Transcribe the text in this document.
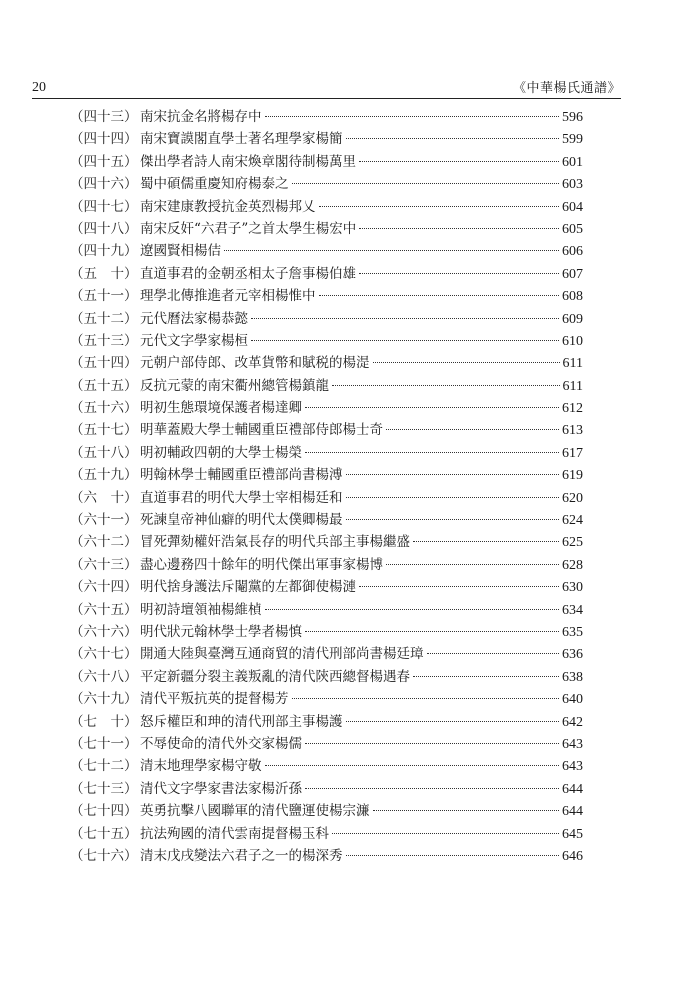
20	《中華楊氏通譜》
（四十三） 南宋抗金名將楊存中	596
（四十四） 南宋寶謨閣直學士著名理學家楊簡	599
（四十五） 傑出學者詩人南宋煥章閣待制楊萬里	601
（四十六） 蜀中碩儒重慶知府楊泰之	603
（四十七） 南宋建康教授抗金英烈楊邦乂	604
（四十八） 南宋反奸“六君子”之首太學生楊宏中	605
（四十九） 遼國賢相楊佶	606
（五　十） 直道事君的金朝丞相太子詹事楊伯雄	607
（五十一） 理學北傳推進者元宰相楊惟中	608
（五十二） 元代曆法家楊恭懿	609
（五十三） 元代文字學家楊桓	610
（五十四） 元朝户部侍郎、改革貨幣和賦税的楊湜	611
（五十五） 反抗元蒙的南宋衢州總管楊鎮龍	611
（五十六） 明初生態環境保護者楊達卿	612
（五十七） 明華蓋殿大學士輔國重臣禮部侍郎楊士奇	613
（五十八） 明初輔政四朝的大學士楊榮	617
（五十九） 明翰林學士輔國重臣禮部尚書楊溥	619
（六　十） 直道事君的明代大學士宰相楊廷和	620
（六十一） 死諫皇帝神仙癖的明代太僕卿楊最	624
（六十二） 冒死彈劾權奸浩氣長存的明代兵部主事楊繼盛	625
（六十三） 盡心邊務四十餘年的明代傑出軍事家楊博	628
（六十四） 明代捨身護法斥閹黨的左都御使楊漣	630
（六十五） 明初詩壇領袖楊維楨	634
（六十六） 明代狀元翰林學士學者楊慎	635
（六十七） 開通大陸與臺灣互通商貿的清代刑部尚書楊廷璋	636
（六十八） 平定新疆分裂主義叛亂的清代陝西總督楊遇春	638
（六十九） 清代平叛抗英的提督楊芳	640
（七　十） 怒斥權臣和珅的清代刑部主事楊護	642
（七十一） 不辱使命的清代外交家楊儒	643
（七十二） 清末地理學家楊守敬	643
（七十三） 清代文字學家書法家楊沂孫	644
（七十四） 英勇抗擊八國聯軍的清代鹽運使楊宗濂	644
（七十五） 抗法殉國的清代雲南提督楊玉科	645
（七十六） 清末戊戌變法六君子之一的楊深秀	646
